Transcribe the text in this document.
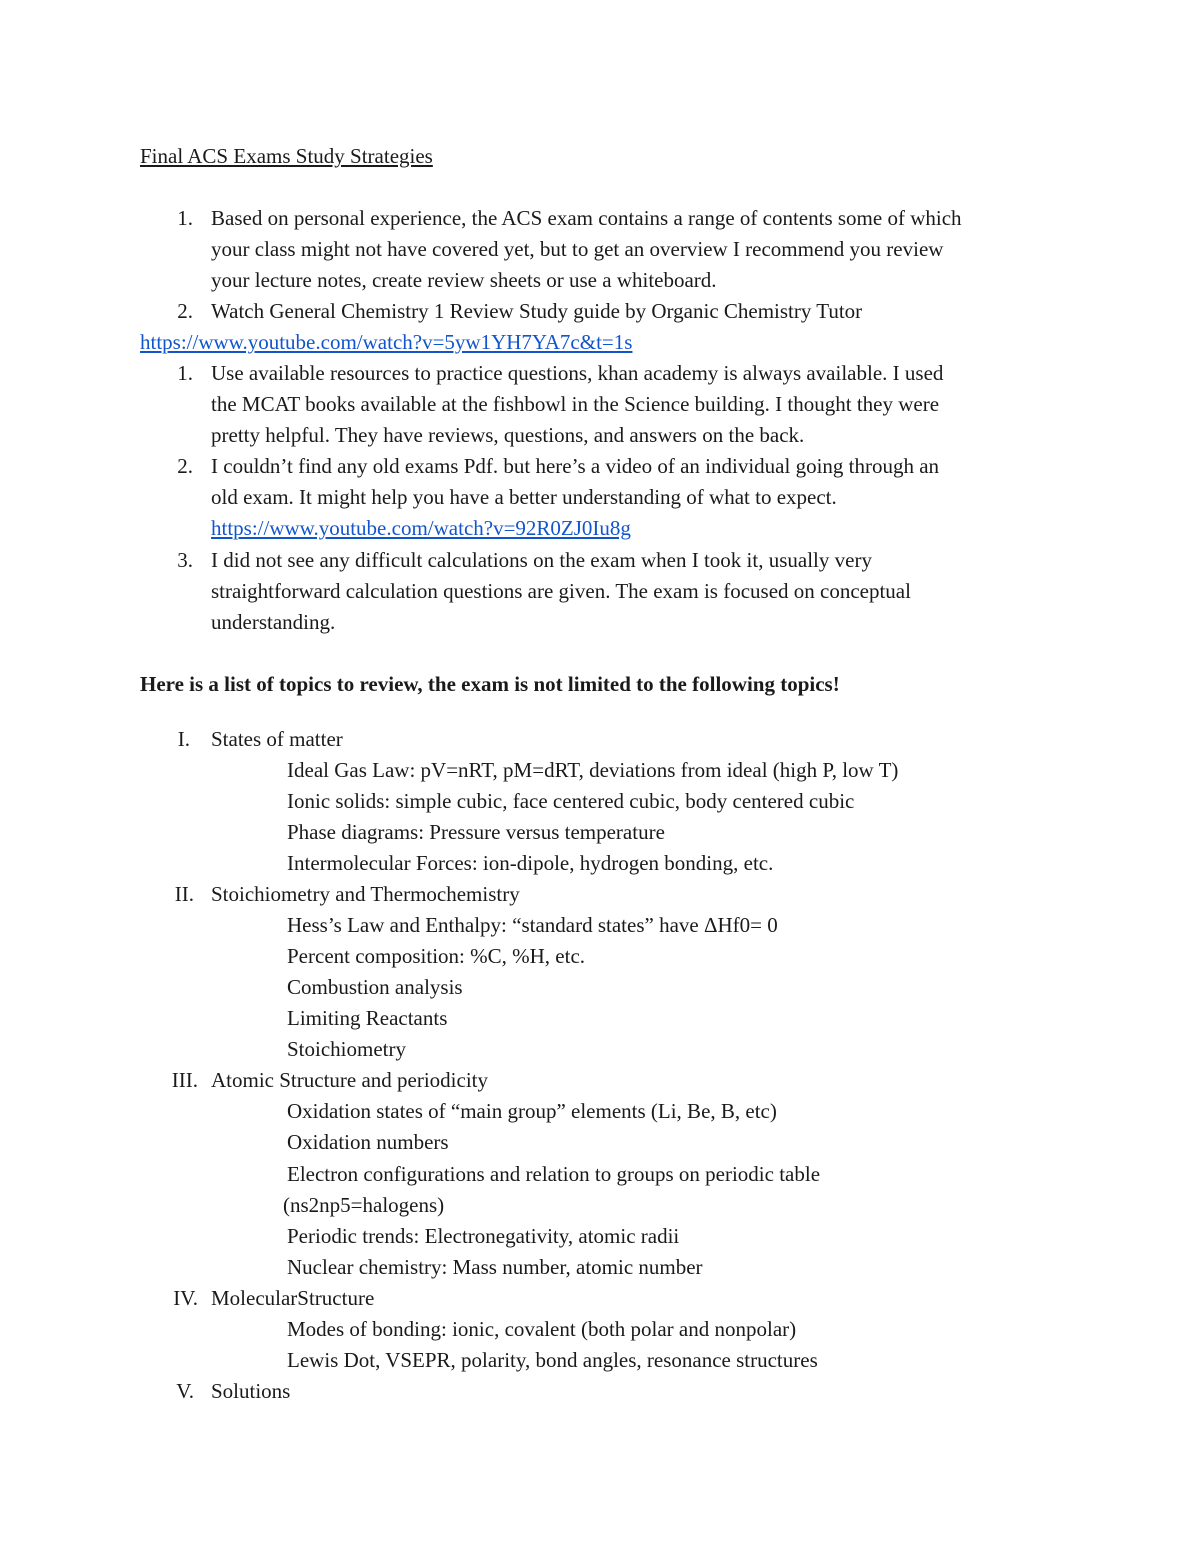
Final ACS Exams Study Strategies
1. Based on personal experience, the ACS exam contains a range of contents some of which
your class might not have covered yet, but to get an overview I recommend you review
your lecture notes, create review sheets or use a whiteboard.
2. Watch General Chemistry 1 Review Study guide by Organic Chemistry Tutor
https://www.youtube.com/watch?v=5yw1YH7YA7c&t=1s
1. Use available resources to practice questions, khan academy is always available. I used
the MCAT books available at the fishbowl in the Science building. I thought they were
pretty helpful. They have reviews, questions, and answers on the back.
2. I couldn’t find any old exams Pdf. but here’s a video of an individual going through an
old exam. It might help you have a better understanding of what to expect.
https://www.youtube.com/watch?v=92R0ZJ0Iu8g
3. I did not see any difficult calculations on the exam when I took it, usually very
straightforward calculation questions are given. The exam is focused on conceptual
understanding.
Here is a list of topics to review, the exam is not limited to the following topics!
I. States of matter
Ideal Gas Law: pV=nRT, pM=dRT, deviations from ideal (high P, low T)
Ionic solids: simple cubic, face centered cubic, body centered cubic
Phase diagrams: Pressure versus temperature
Intermolecular Forces: ion-dipole, hydrogen bonding, etc.
II. Stoichiometry and Thermochemistry
Hess’s Law and Enthalpy: “standard states” have ΔHf0= 0
Percent composition: %C, %H, etc.
Combustion analysis
Limiting Reactants
Stoichiometry
III. Atomic Structure and periodicity
Oxidation states of “main group” elements (Li, Be, B, etc)
Oxidation numbers
Electron configurations and relation to groups on periodic table
(ns2np5=halogens)
Periodic trends: Electronegativity, atomic radii
Nuclear chemistry: Mass number, atomic number
IV. MolecularStructure
Modes of bonding: ionic, covalent (both polar and nonpolar)
Lewis Dot, VSEPR, polarity, bond angles, resonance structures
V. Solutions
